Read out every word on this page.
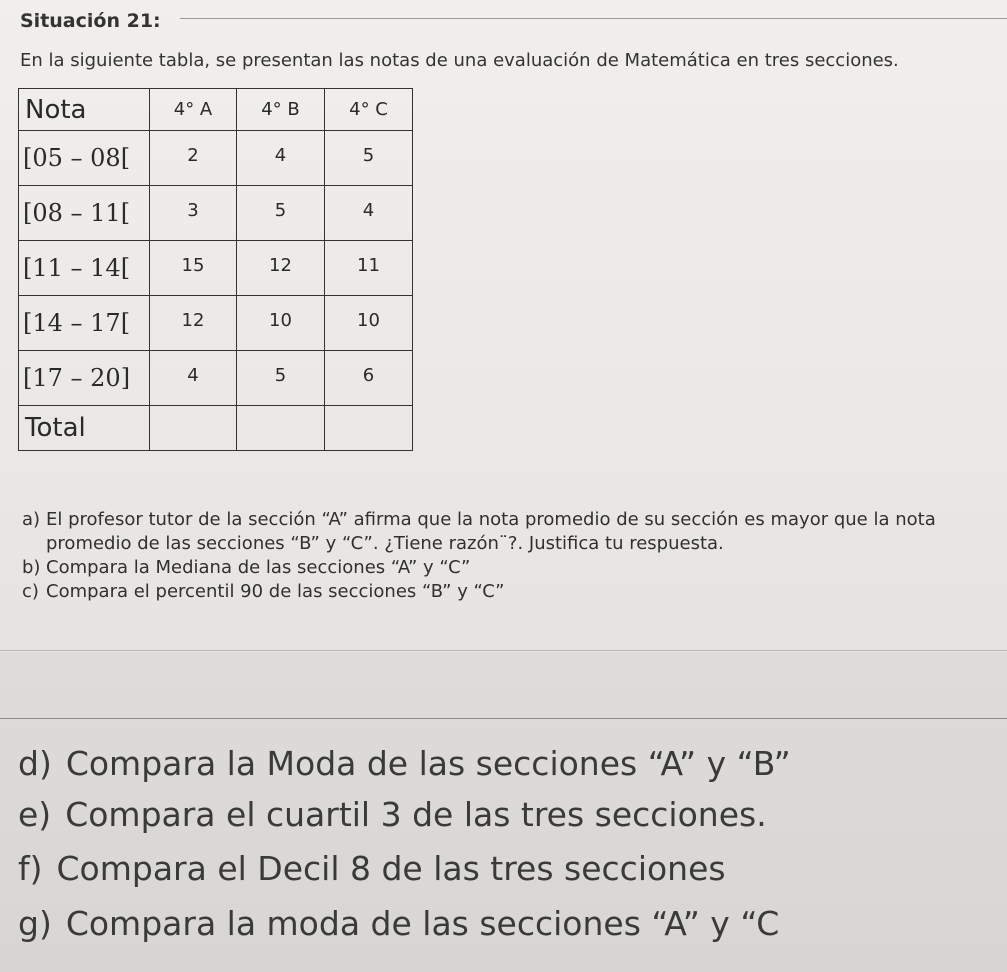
Situación 21:
En la siguiente tabla, se presentan las notas de una evaluación de Matemática en tres secciones.
Nota	4° A	4° B	4° C
[05 – 08[	2	4	5
[08 – 11[	3	5	4
[11 – 14[	15	12	11
[14 – 17[	12	10	10
[17 – 20]	4	5	6
Total			
a) El profesor tutor de la sección “A” afirma que la nota promedio de su sección es mayor que la nota promedio de las secciones “B” y “C”. ¿Tiene razón¨?. Justifica tu respuesta.
b) Compara la Mediana de las secciones “A” y “C”
c) Compara el percentil 90 de las secciones “B” y “C”
d) Compara la Moda de las secciones “A” y “B”
e) Compara el cuartil 3 de las tres secciones.
f) Compara el Decil 8 de las tres secciones
g) Compara la moda de las secciones “A” y “C
